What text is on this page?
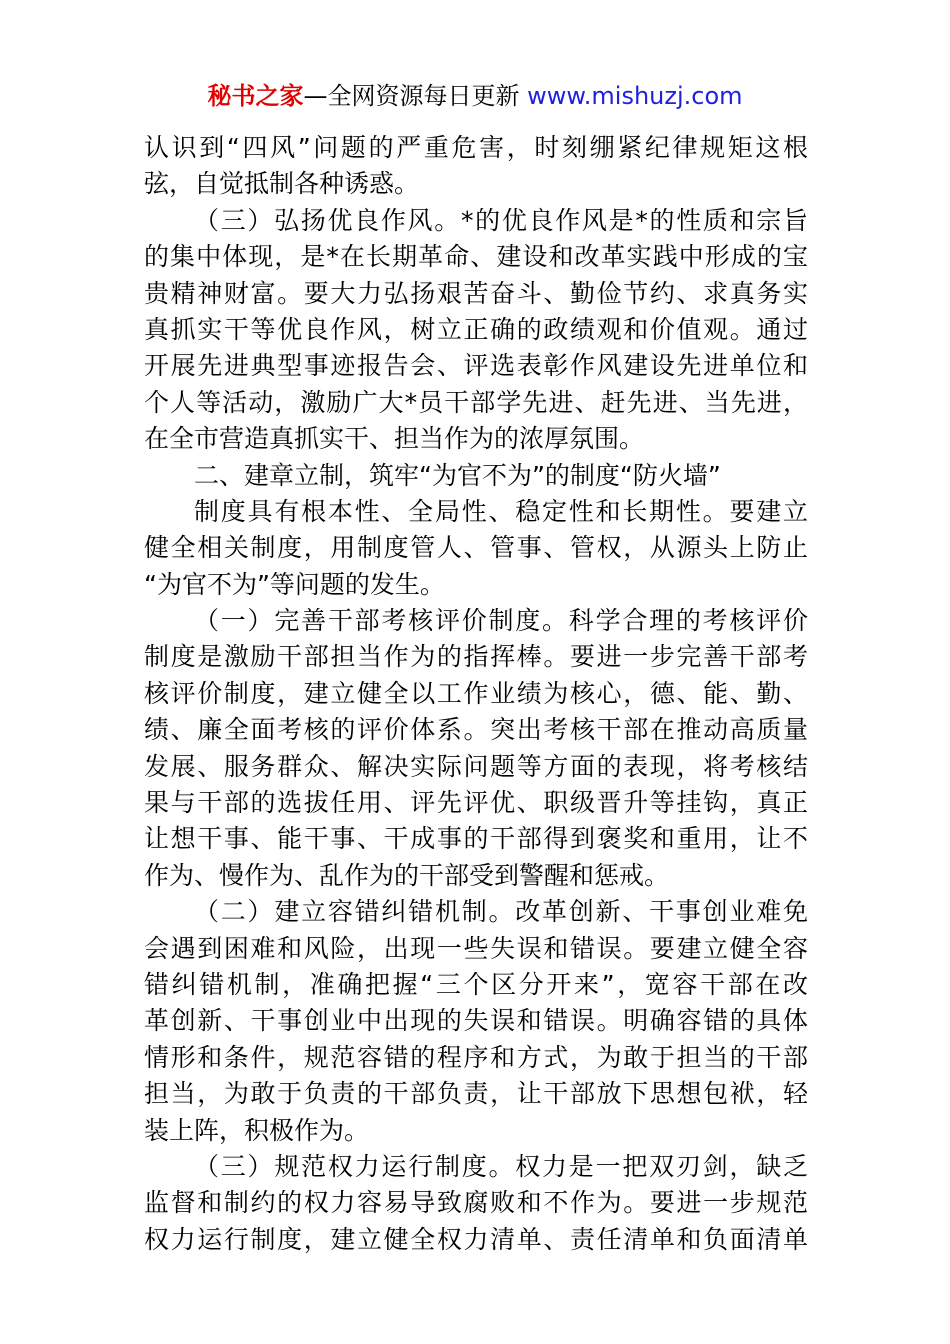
秘书之家—全网资源每日更新 www.mishuzj.com
认识到“四风”问题的严重危害，时刻绷紧纪律规矩这根
弦，自觉抵制各种诱惑。
（三）弘扬优良作风。*的优良作风是*的性质和宗旨
的集中体现，是*在长期革命、建设和改革实践中形成的宝
贵精神财富。要大力弘扬艰苦奋斗、勤俭节约、求真务实
真抓实干等优良作风，树立正确的政绩观和价值观。通过
开展先进典型事迹报告会、评选表彰作风建设先进单位和
个人等活动，激励广大*员干部学先进、赶先进、当先进，
在全市营造真抓实干、担当作为的浓厚氛围。
二、建章立制，筑牢“为官不为”的制度“防火墙”
制度具有根本性、全局性、稳定性和长期性。要建立
健全相关制度，用制度管人、管事、管权，从源头上防止
“为官不为”等问题的发生。
（一）完善干部考核评价制度。科学合理的考核评价
制度是激励干部担当作为的指挥棒。要进一步完善干部考
核评价制度，建立健全以工作业绩为核心，德、能、勤、
绩、廉全面考核的评价体系。突出考核干部在推动高质量
发展、服务群众、解决实际问题等方面的表现，将考核结
果与干部的选拔任用、评先评优、职级晋升等挂钩，真正
让想干事、能干事、干成事的干部得到褒奖和重用，让不
作为、慢作为、乱作为的干部受到警醒和惩戒。
（二）建立容错纠错机制。改革创新、干事创业难免
会遇到困难和风险，出现一些失误和错误。要建立健全容
错纠错机制，准确把握“三个区分开来”，宽容干部在改
革创新、干事创业中出现的失误和错误。明确容错的具体
情形和条件，规范容错的程序和方式，为敢于担当的干部
担当，为敢于负责的干部负责，让干部放下思想包袱，轻
装上阵，积极作为。
（三）规范权力运行制度。权力是一把双刃剑，缺乏
监督和制约的权力容易导致腐败和不作为。要进一步规范
权力运行制度，建立健全权力清单、责任清单和负面清单
